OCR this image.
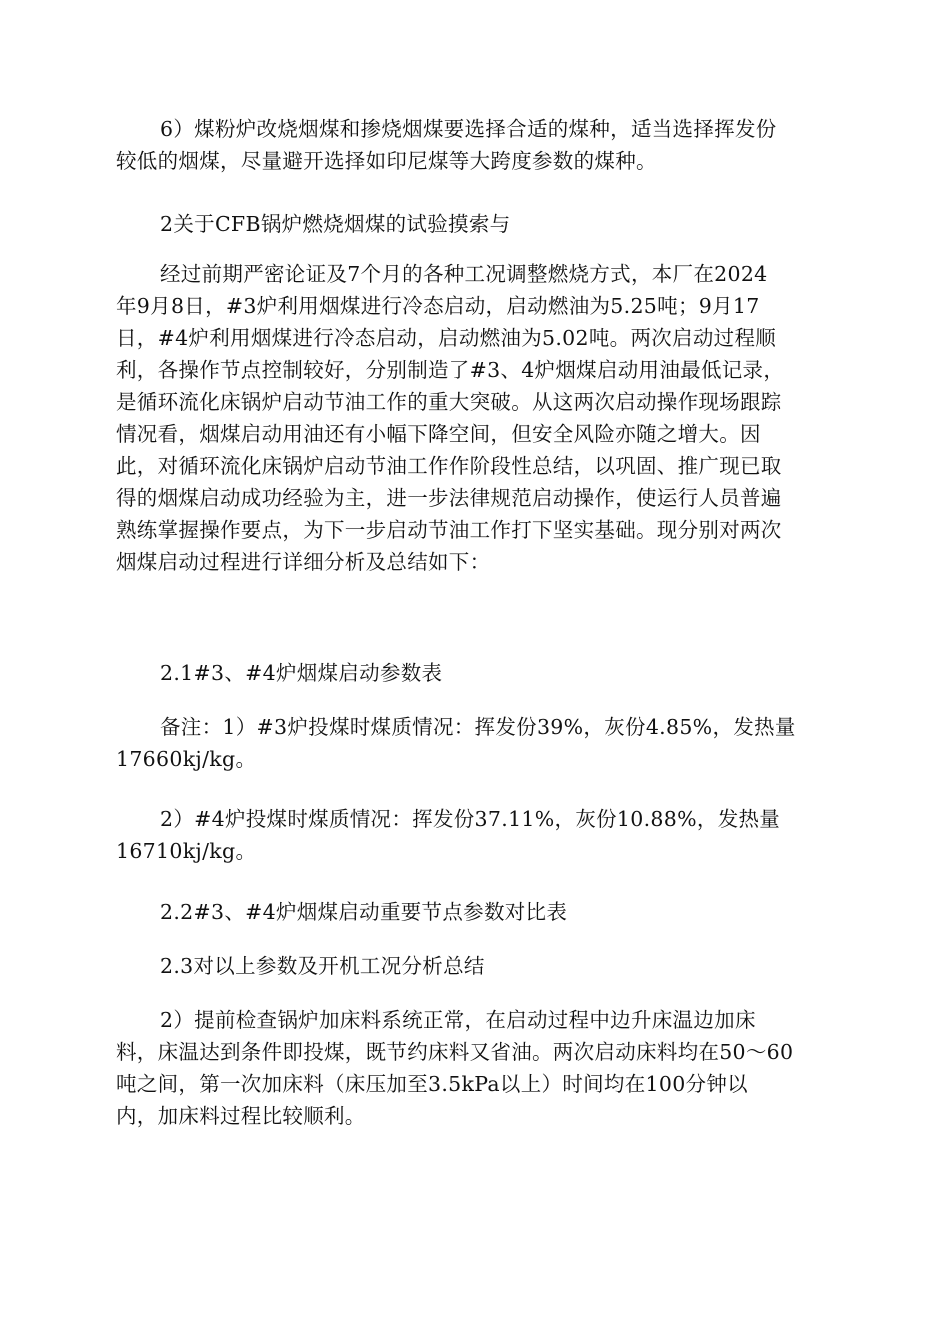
6）煤粉炉改烧烟煤和掺烧烟煤要选择合适的煤种，适当选择挥发份
较低的烟煤，尽量避开选择如印尼煤等大跨度参数的煤种。

2关于CFB锅炉燃烧烟煤的试验摸索与

经过前期严密论证及7个月的各种工况调整燃烧方式，本厂在2024
年9月8日，#3炉利用烟煤进行冷态启动，启动燃油为5.25吨；9月17
日，#4炉利用烟煤进行冷态启动，启动燃油为5.02吨。两次启动过程顺
利，各操作节点控制较好，分别制造了#3、4炉烟煤启动用油最低记录，
是循环流化床锅炉启动节油工作的重大突破。从这两次启动操作现场跟踪
情况看，烟煤启动用油还有小幅下降空间，但安全风险亦随之增大。因
此，对循环流化床锅炉启动节油工作作阶段性总结，以巩固、推广现已取
得的烟煤启动成功经验为主，进一步法律规范启动操作，使运行人员普遍
熟练掌握操作要点，为下一步启动节油工作打下坚实基础。现分别对两次
烟煤启动过程进行详细分析及总结如下：

2.1#3、#4炉烟煤启动参数表

备注：1）#3炉投煤时煤质情况：挥发份39%，灰份4.85%，发热量
17660kj/kg。

2）#4炉投煤时煤质情况：挥发份37.11%，灰份10.88%，发热量
16710kj/kg。

2.2#3、#4炉烟煤启动重要节点参数对比表

2.3对以上参数及开机工况分析总结

2）提前检查锅炉加床料系统正常，在启动过程中边升床温边加床
料，床温达到条件即投煤，既节约床料又省油。两次启动床料均在50～60
吨之间，第一次加床料（床压加至3.5kPa以上）时间均在100分钟以
内，加床料过程比较顺利。
